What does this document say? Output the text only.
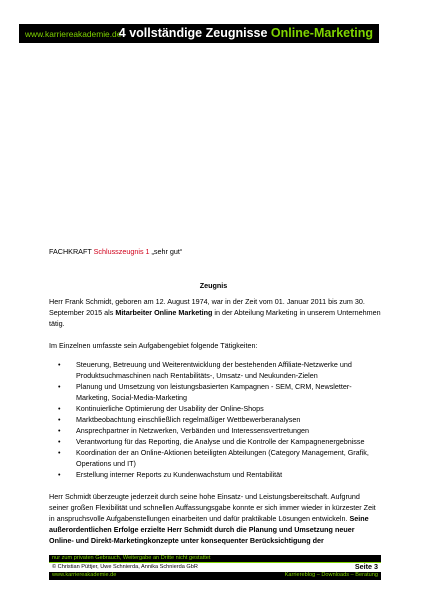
www.karriereakademie.de
4 vollständige Zeugnisse Online-Marketing
FACHKRAFT Schlusszeugnis 1 „sehr gut“
Zeugnis
Herr Frank Schmidt, geboren am 12. August 1974, war in der Zeit vom 01. Januar 2011 bis zum 30. September 2015 als Mitarbeiter Online Marketing in der Abteilung Marketing in unserem Unternehmen tätig.
Im Einzelnen umfasste sein Aufgabengebiet folgende Tätigkeiten:
• Steuerung, Betreuung und Weiterentwicklung der bestehenden Affiliate-Netzwerke und Produktsuchmaschinen nach Rentabilitäts-, Umsatz- und Neukunden-Zielen
• Planung und Umsetzung von leistungsbasierten Kampagnen - SEM, CRM, Newsletter-Marketing, Social-Media-Marketing
• Kontinuierliche Optimierung der Usability der Online-Shops
• Marktbeobachtung einschließlich regelmäßiger Wettbewerberanalysen
• Ansprechpartner in Netzwerken, Verbänden und Interessensvertretungen
• Verantwortung für das Reporting, die Analyse und die Kontrolle der Kampagnenergebnisse
• Koordination der an Online-Aktionen beteiligten Abteilungen (Category Management, Grafik, Operations und IT)
• Erstellung interner Reports zu Kundenwachstum und Rentabilität
Herr Schmidt überzeugte jederzeit durch seine hohe Einsatz- und Leistungsbereitschaft. Aufgrund seiner großen Flexibilität und schnellen Auffassungsgabe konnte er sich immer wieder in kürzester Zeit in anspruchsvolle Aufgabenstellungen einarbeiten und dafür praktikable Lösungen entwickeln. Seine außerordentlichen Erfolge erzielte Herr Schmidt durch die Planung und Umsetzung neuer Online- und Direkt-Marketingkonzepte unter konsequenter Berücksichtigung der
nur zum privaten Gebrauch, Weitergabe an Dritte nicht gestattet
© Christian Püttjer, Uwe Schnierda, Annika Schnierda GbR	Seite 3
www.karriereakademie.de	Karriereblog – Downloads – Beratung
